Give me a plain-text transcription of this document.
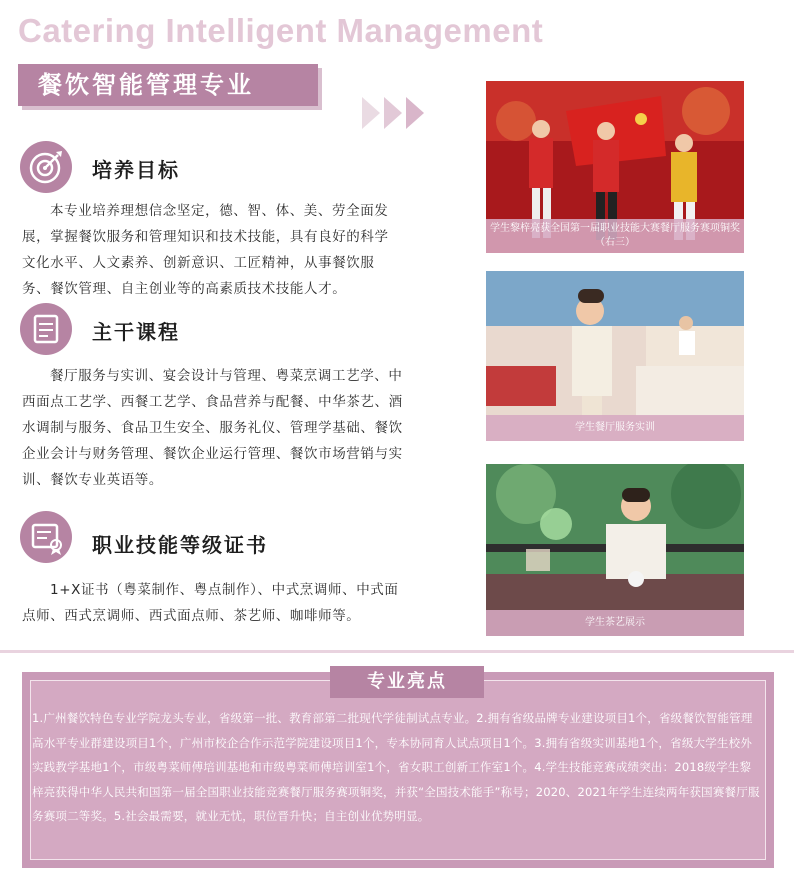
Catering Intelligent Management
餐饮智能管理专业
培养目标
本专业培养理想信念坚定，德、智、体、美、劳全面发展，掌握餐饮服务和管理知识和技术技能，具有良好的科学文化水平、人文素养、创新意识、工匠精神，从事餐饮服务、餐饮管理、自主创业等的高素质技术技能人才。
主干课程
餐厅服务与实训、宴会设计与管理、粤菜烹调工艺学、中西面点工艺学、西餐工艺学、食品营养与配餐、中华茶艺、酒水调制与服务、食品卫生安全、服务礼仪、管理学基础、餐饮企业会计与财务管理、餐饮企业运行管理、餐饮市场营销与实训、餐饮专业英语等。
职业技能等级证书
1+X证书（粤菜制作、粤点制作）、中式烹调师、中式面点师、西式烹调师、西式面点师、茶艺师、咖啡师等。
学生黎梓亮获全国第一届职业技能大赛餐厅服务赛项铜奖（右三）
学生餐厅服务实训
学生茶艺展示
专业亮点
1.广州餐饮特色专业学院龙头专业，省级第一批、教育部第二批现代学徒制试点专业。2.拥有省级品牌专业建设项目1个，省级餐饮智能管理高水平专业群建设项目1个，广州市校企合作示范学院建设项目1个，专本协同育人试点项目1个。3.拥有省级实训基地1个，省级大学生校外实践教学基地1个，市级粤菜师傅培训基地和市级粤菜师傅培训室1个，省女职工创新工作室1个。4.学生技能竞赛成绩突出：2018级学生黎梓亮获得中华人民共和国第一届全国职业技能竞赛餐厅服务赛项铜奖，并获“全国技术能手”称号；2020、2021年学生连续两年获国赛餐厅服务赛项二等奖。5.社会最需要，就业无忧，职位晋升快；自主创业优势明显。
